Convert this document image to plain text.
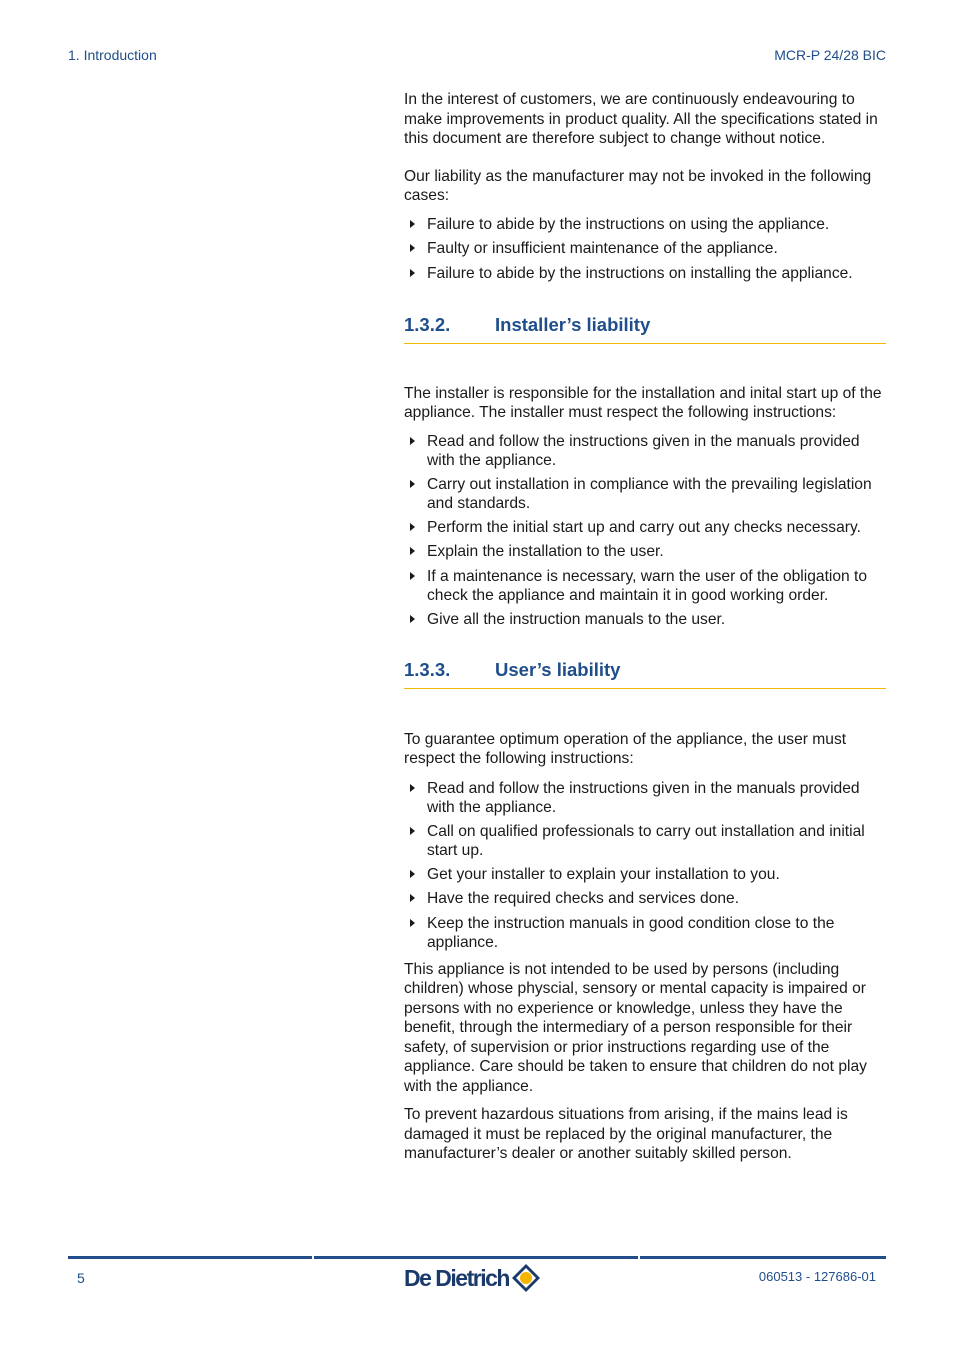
1. Introduction	MCR-P 24/28 BIC

In the interest of customers, we are continuously endeavouring to make improvements in product quality. All the specifications stated in this document are therefore subject to change without notice.

Our liability as the manufacturer may not be invoked in the following cases:

Failure to abide by the instructions on using the appliance.
Faulty or insufficient maintenance of the appliance.
Failure to abide by the instructions on installing the appliance.
1.3.2.	Installer’s liability

The installer is responsible for the installation and inital start up of the appliance. The installer must respect the following instructions:

Read and follow the instructions given in the manuals provided with the appliance.
Carry out installation in compliance with the prevailing legislation and standards.
Perform the initial start up and carry out any checks necessary.
Explain the installation to the user.
If a maintenance is necessary, warn the user of the obligation to check the appliance and maintain it in good working order.
Give all the instruction manuals to the user.
1.3.3.	User’s liability

To guarantee optimum operation of the appliance, the user must respect the following instructions:

Read and follow the instructions given in the manuals provided with the appliance.
Call on qualified professionals to carry out installation and initial start up.
Get your installer to explain your installation to you.
Have the required checks and services done.
Keep the instruction manuals in good condition close to the appliance.

This appliance is not intended to be used by persons (including children) whose physcial, sensory or mental capacity is impaired or persons with no experience or knowledge, unless they have the benefit, through the intermediary of a person responsible for their safety, of supervision or prior instructions regarding use of the appliance. Care should be taken to ensure that children do not play with the appliance.

To prevent hazardous situations from arising, if the mains lead is damaged it must be replaced by the original manufacturer, the manufacturer’s dealer or another suitably skilled person.

5	De Dietrich	060513 - 127686-01
